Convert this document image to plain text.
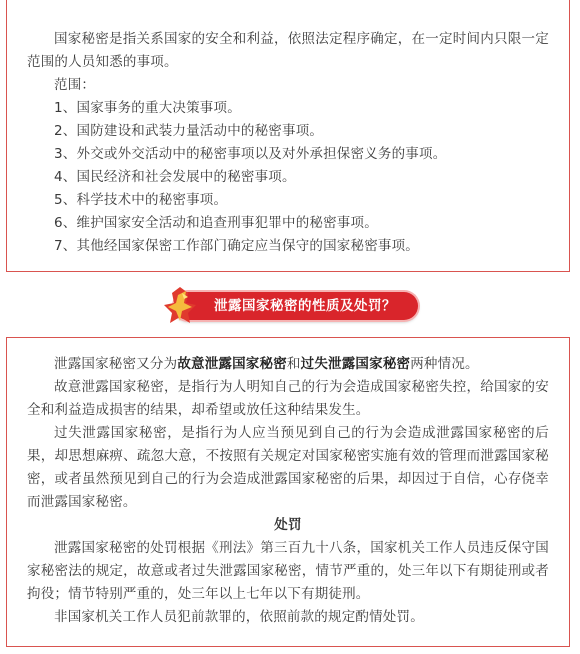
国家秘密是指关系国家的安全和利益，依照法定程序确定，在一定时间内只限一定范围的人员知悉的事项。

范围：

1、国家事务的重大决策事项。

2、国防建设和武装力量活动中的秘密事项。

3、外交或外交活动中的秘密事项以及对外承担保密义务的事项。

4、国民经济和社会发展中的秘密事项。

5、科学技术中的秘密事项。

6、维护国家安全活动和追查刑事犯罪中的秘密事项。

7、其他经国家保密工作部门确定应当保守的国家秘密事项。

泄露国家秘密的性质及处罚？

泄露国家秘密又分为故意泄露国家秘密和过失泄露国家秘密两种情况。

故意泄露国家秘密，是指行为人明知自己的行为会造成国家秘密失控，给国家的安全和利益造成损害的结果，却希望或放任这种结果发生。

过失泄露国家秘密，是指行为人应当预见到自己的行为会造成泄露国家秘密的后果，却思想麻痹、疏忽大意，不按照有关规定对国家秘密实施有效的管理而泄露国家秘密，或者虽然预见到自己的行为会造成泄露国家秘密的后果，却因过于自信，心存侥幸而泄露国家秘密。

处罚

泄露国家秘密的处罚根据《刑法》第三百九十八条，国家机关工作人员违反保守国家秘密法的规定，故意或者过失泄露国家秘密，情节严重的，处三年以下有期徒刑或者拘役；情节特别严重的，处三年以上七年以下有期徒刑。

非国家机关工作人员犯前款罪的，依照前款的规定酌情处罚。
